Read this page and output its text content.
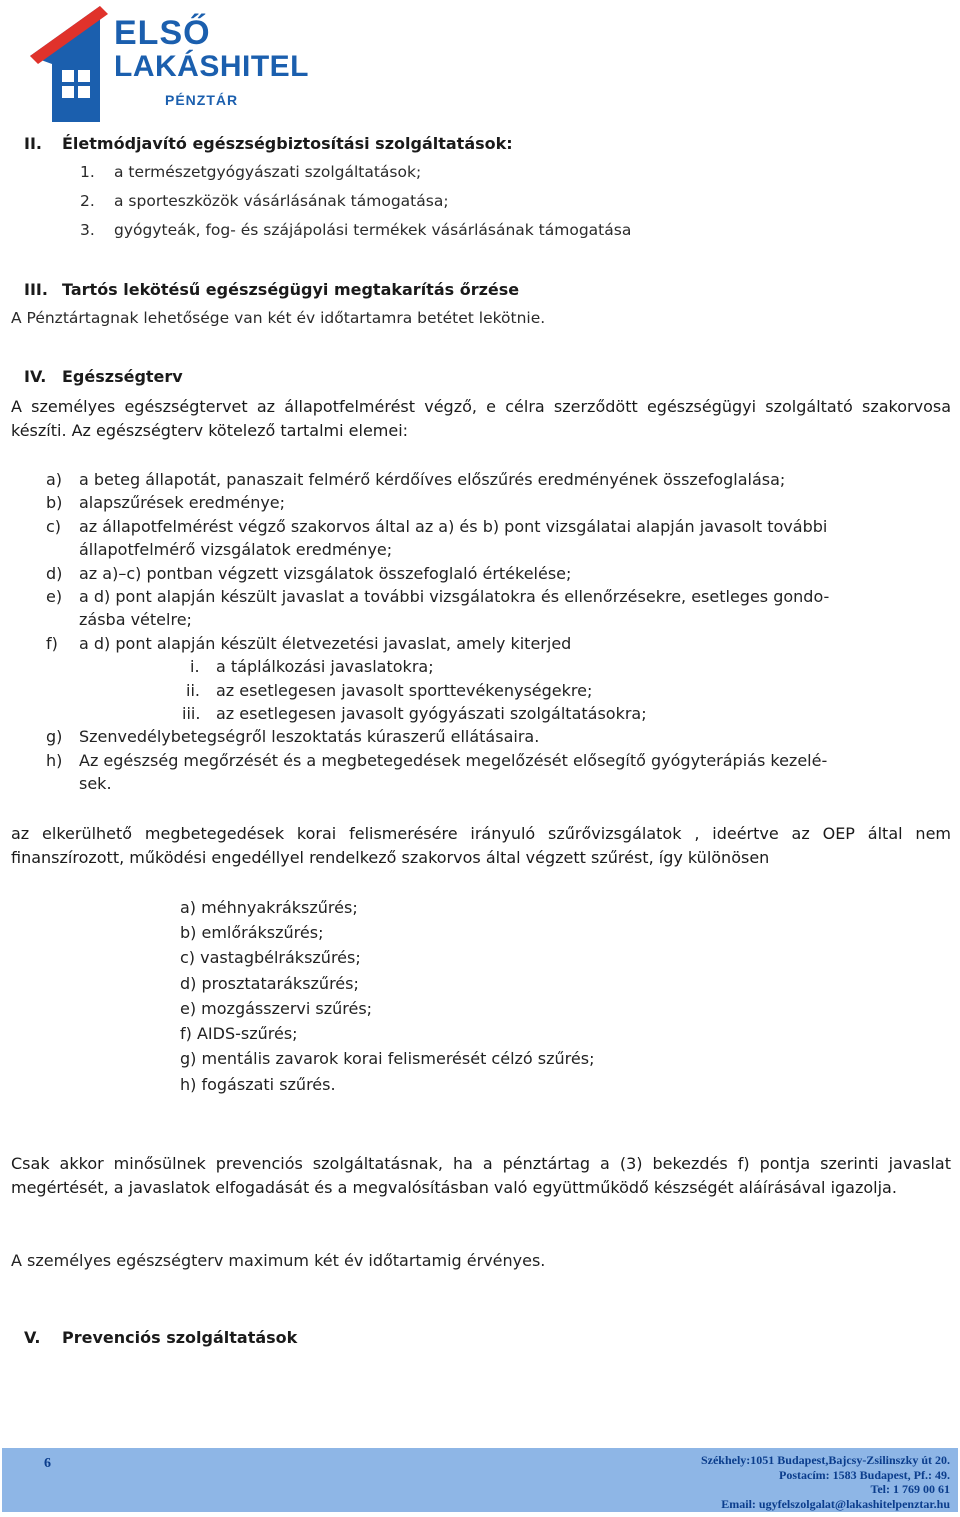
ELSŐ
LAKÁSHITEL
PÉNZTÁR
II. Életmódjavító egészségbiztosítási szolgáltatások:
1. a természetgyógyászati szolgáltatások;
2. a sporteszközök vásárlásának támogatása;
3. gyógyteák, fog- és szájápolási termékek vásárlásának támogatása
III. Tartós lekötésű egészségügyi megtakarítás őrzése
A Pénztártagnak lehetősége van két év időtartamra betétet lekötnie.
IV. Egészségterv
A személyes egészségtervet az állapotfelmérést végző, e célra szerződött egészségügyi szolgáltató szakorvosa készíti. Az egészségterv kötelező tartalmi elemei:
a) a beteg állapotát, panaszait felmérő kérdőíves előszűrés eredményének összefoglalása;
b) alapszűrések eredménye;
c) az állapotfelmérést végző szakorvos által az a) és b) pont vizsgálatai alapján javasolt további
állapotfelmérő vizsgálatok eredménye;
d) az a)–c) pontban végzett vizsgálatok összefoglaló értékelése;
e) a d) pont alapján készült javaslat a további vizsgálatokra és ellenőrzésekre, esetleges gondo-
zásba vételre;
f) a d) pont alapján készült életvezetési javaslat, amely kiterjed
i. a táplálkozási javaslatokra;
ii. az esetlegesen javasolt sporttevékenységekre;
iii. az esetlegesen javasolt gyógyászati szolgáltatásokra;
g) Szenvedélybetegségről leszoktatás kúraszerű ellátásaira.
h) Az egészség megőrzését és a megbetegedések megelőzését elősegítő gyógyterápiás kezelé-
sek.
az elkerülhető megbetegedések korai felismerésére irányuló szűrővizsgálatok , ideértve az OEP által nem finanszírozott, működési engedéllyel rendelkező szakorvos által végzett szűrést, így különösen
a) méhnyakrákszűrés;
b) emlőrákszűrés;
c) vastagbélrákszűrés;
d) prosztatarákszűrés;
e) mozgásszervi szűrés;
f) AIDS-szűrés;
g) mentális zavarok korai felismerését célzó szűrés;
h) fogászati szűrés.
Csak akkor minősülnek prevenciós szolgáltatásnak, ha a pénztártag a (3) bekezdés f) pontja szerinti javaslat megértését, a javaslatok elfogadását és a megvalósításban való együttműködő készségét aláírásával igazolja.
A személyes egészségterv maximum két év időtartamig érvényes.
V. Prevenciós szolgáltatások
6	Székhely:1051 Budapest,Bajcsy-Zsilinszky út 20.
Postacím: 1583 Budapest, Pf.: 49.
Tel: 1 769 00 61
Email: ugyfelszolgalat@lakashitelpenztar.hu
